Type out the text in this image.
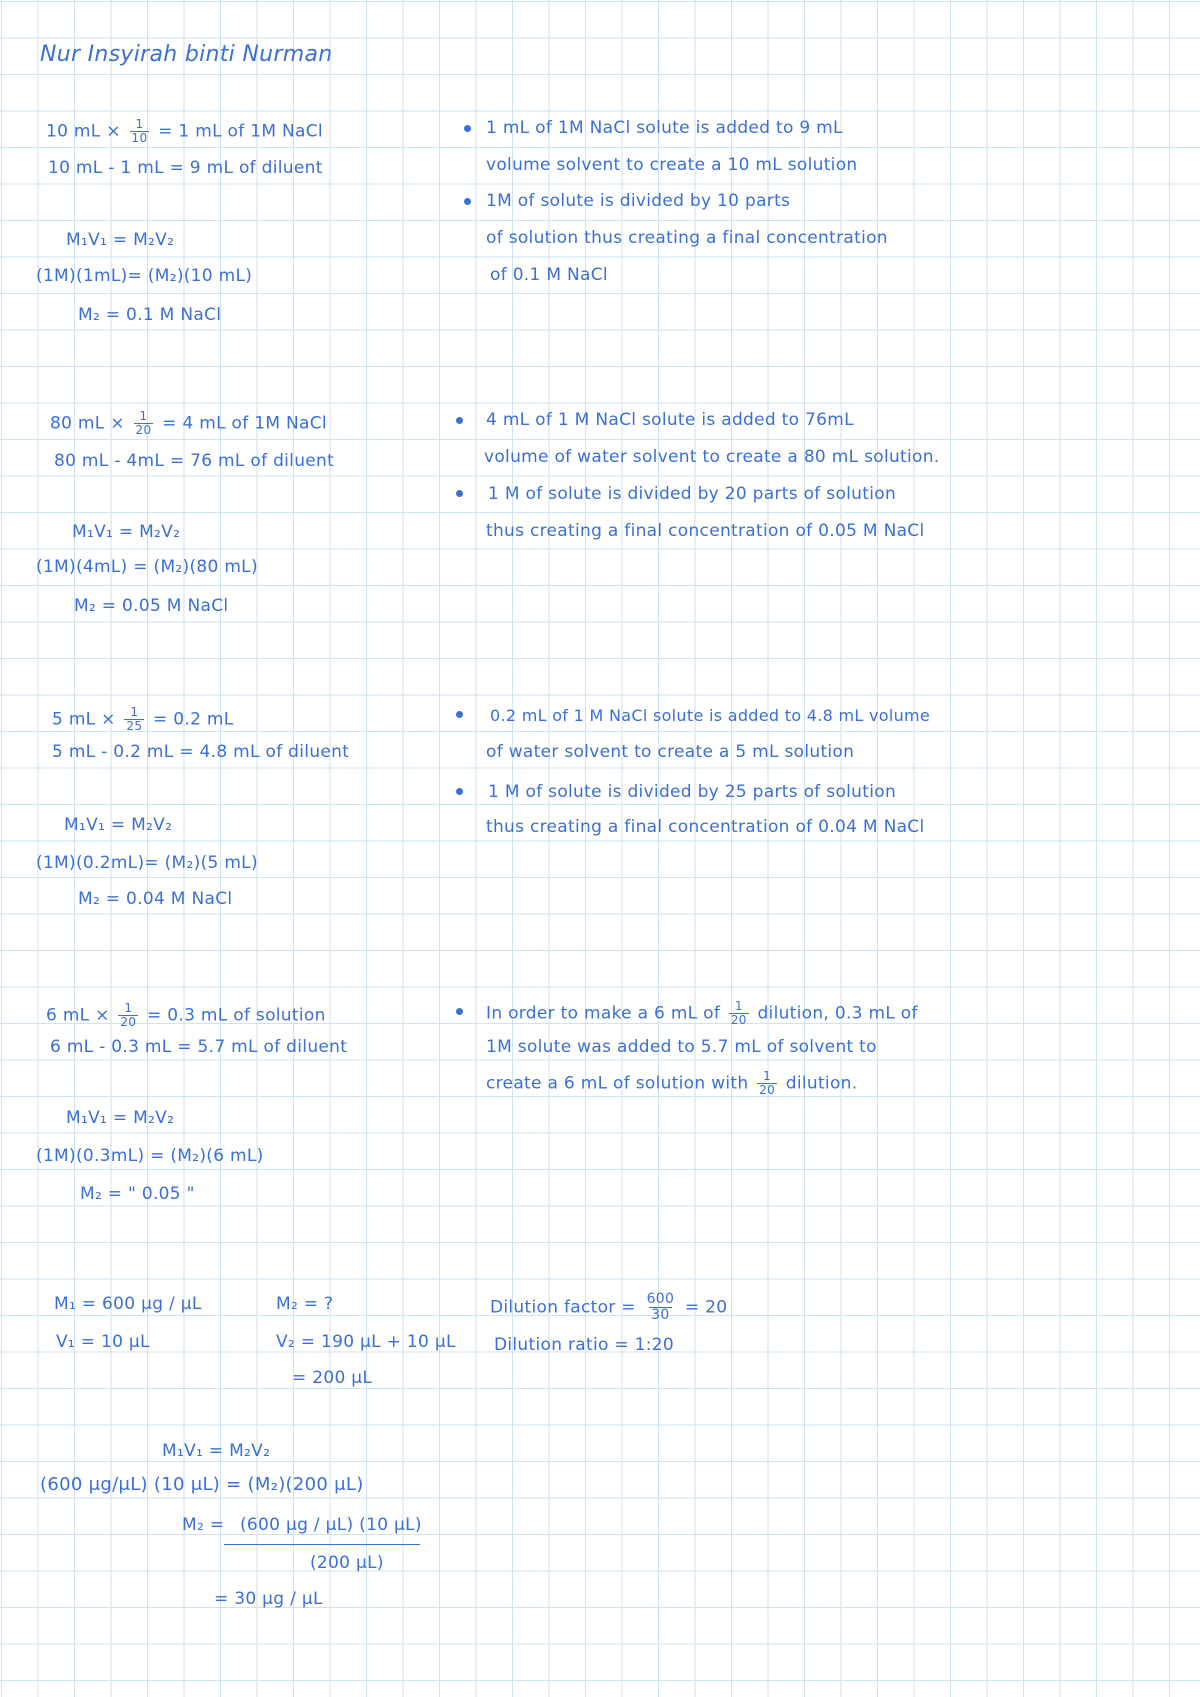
Nur Insyirah binti Nurman
10 mL × $\frac{1}{10} = 1$ mL of 1M NaCl
10 mL - 1 mL = 9 mL of diluent
M₁V₁ = M₂V₂
(1M)(1mL)= (M₂)(10 mL)
M₂ = 0.1 M NaCl
1 mL of 1M NaCl solute is added to 9 mL
volume solvent to create a 10 mL solution
1M of solute is divided by 10 parts
of solution thus creating a final concentration
of 0.1 M NaCl
80 mL × $\frac{1}{20} = 4$ mL of 1M NaCl
80 mL - 4mL = 76 mL of diluent
M₁V₁ = M₂V₂
(1M)(4mL) = (M₂)(80 mL)
M₂ = 0.05 M NaCl
4 mL of 1 M NaCl solute is added to 76mL
volume of water solvent to create a 80 mL solution.
1 M of solute is divided by 20 parts of solution
thus creating a final concentration of 0.05 M NaCl
5 mL × $\frac{1}{25} = 0.2$ mL
5 mL - 0.2 mL = 4.8 mL of diluent
M₁V₁ = M₂V₂
(1M)(0.2mL)= (M₂)(5 mL)
M₂ = 0.04 M NaCl
0.2 mL of 1 M NaCl solute is added to 4.8 mL volume
of water solvent to create a 5 mL solution
1 M of solute is divided by 25 parts of solution
thus creating a final concentration of 0.04 M NaCl
6 mL × $\frac{1}{20} = 0.3$ mL of solution
6 mL - 0.3 mL = 5.7 mL of diluent
M₁V₁ = M₂V₂
(1M)(0.3mL) = (M₂)(6 mL)
M₂ = " 0.05 "
In order to make a 6 mL of $\frac{1}{20}$ dilution, 0.3 mL of
1M solute was added to 5.7 mL of solvent to
create a 6 mL of solution with $\frac{1}{20}$ dilution.
M₁ = 600 μg / μL
V₁ = 10 μL
M₂ = ?
V₂ = 190 μL + 10 μL
= 200 μL
Dilution factor = $\frac{600}{30} = 20$
Dilution ratio = 1:20
M₁V₁ = M₂V₂
(600 μg/μL) (10 μL) = (M₂)(200 μL)
M₂ = (600 μg / μL) (10 μL)
(200 μL)
= 30 μg / μL
